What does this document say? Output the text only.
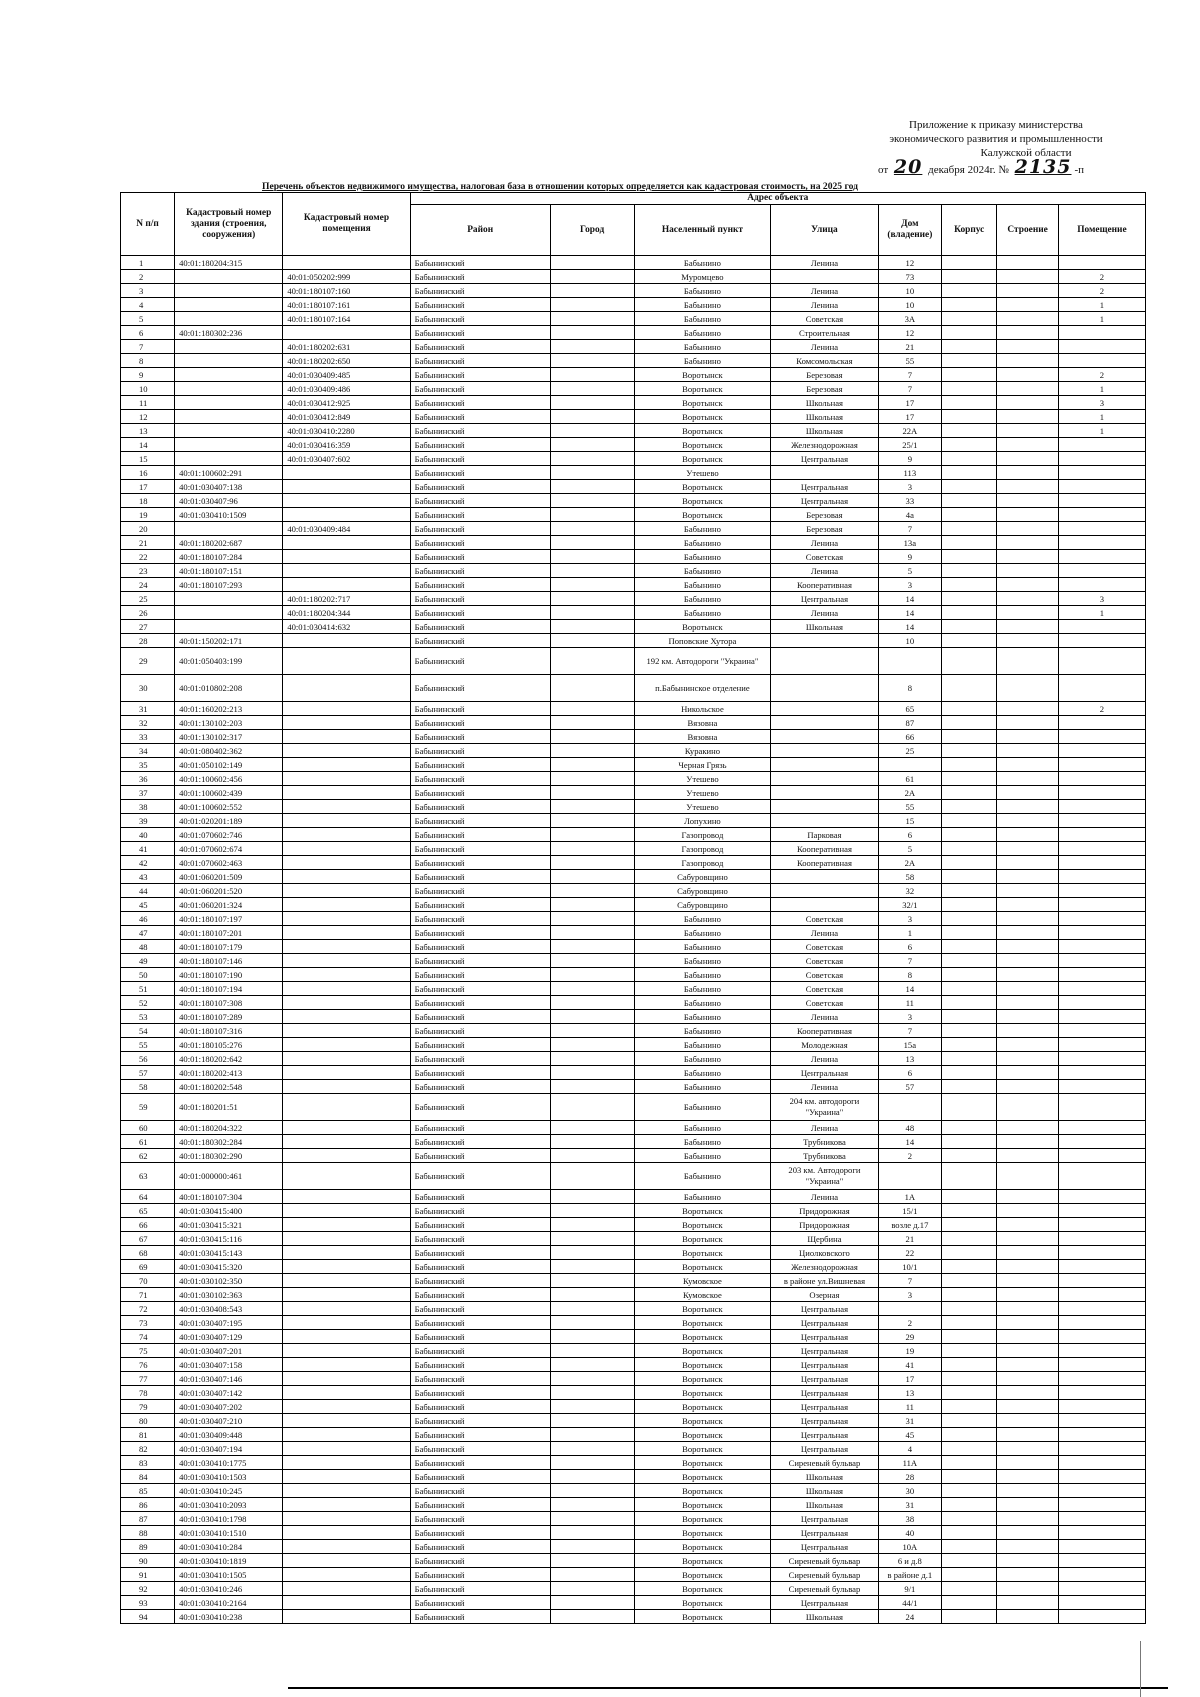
Приложение к приказу министерства
экономического развития и промышленности
Калужской области
от 20 декабря 2024г. № 2135 -п
Перечень объектов недвижимого имущества, налоговая база в отношении которых определяется как кадастровая стоимость, на 2025 год
N п/п	Кадастровый номер здания (строения, сооружения)	Кадастровый номер помещения	Адрес объекта							
			Район	Город	Населенный пункт	Улица	Дом (владение)	Корпус	Строение	Помещение
1	40:01:180204:315		Бабынинский		Бабынино	Ленина	12			
2		40:01:050202:999	Бабынинский		Муромцево		73			2
3		40:01:180107:160	Бабынинский		Бабынино	Ленина	10			2
4		40:01:180107:161	Бабынинский		Бабынино	Ленина	10			1
5		40:01:180107:164	Бабынинский		Бабынино	Советская	3А			1
6	40:01:180302:236		Бабынинский		Бабынино	Строительная	12			
7		40:01:180202:631	Бабынинский		Бабынино	Ленина	21			
8		40:01:180202:650	Бабынинский		Бабынино	Комсомольская	55			
9		40:01:030409:485	Бабынинский		Воротынск	Березовая	7			2
10		40:01:030409:486	Бабынинский		Воротынск	Березовая	7			1
11		40:01:030412:925	Бабынинский		Воротынск	Школьная	17			3
12		40:01:030412:849	Бабынинский		Воротынск	Школьная	17			1
13		40:01:030410:2280	Бабынинский		Воротынск	Школьная	22А			1
14		40:01:030416:359	Бабынинский		Воротынск	Железнодорожная	25/1			
15		40:01:030407:602	Бабынинский		Воротынск	Центральная	9			
16	40:01:100602:291		Бабынинский		Утешево		113			
17	40:01:030407:138		Бабынинский		Воротынск	Центральная	3			
18	40:01:030407:96		Бабынинский		Воротынск	Центральная	33			
19	40:01:030410:1509		Бабынинский		Воротынск	Березовая	4а			
20		40:01:030409:484	Бабынинский		Бабынино	Березовая	7			
21	40:01:180202:687		Бабынинский		Бабынино	Ленина	13а			
22	40:01:180107:284		Бабынинский		Бабынино	Советская	9			
23	40:01:180107:151		Бабынинский		Бабынино	Ленина	5			
24	40:01:180107:293		Бабынинский		Бабынино	Кооперативная	3			
25		40:01:180202:717	Бабынинский		Бабынино	Центральная	14			3
26		40:01:180204:344	Бабынинский		Бабынино	Ленина	14			1
27		40:01:030414:632	Бабынинский		Воротынск	Школьная	14			
28	40:01:150202:171		Бабынинский		Поповские Хутора		10			
29	40:01:050403:199		Бабынинский		192 км. Автодороги "Украина"					
30	40:01:010802:208		Бабынинский		п.Бабынинское отделение		8			
31	40:01:160202:213		Бабынинский		Никольское		65			2
32	40:01:130102:203		Бабынинский		Вязовна		87			
33	40:01:130102:317		Бабынинский		Вязовна		66			
34	40:01:080402:362		Бабынинский		Куракино		25			
35	40:01:050102:149		Бабынинский		Черная Грязь					
36	40:01:100602:456		Бабынинский		Утешево		61			
37	40:01:100602:439		Бабынинский		Утешево		2А			
38	40:01:100602:552		Бабынинский		Утешево		55			
39	40:01:020201:189		Бабынинский		Лопухино		15			
40	40:01:070602:746		Бабынинский		Газопровод	Парковая	6			
41	40:01:070602:674		Бабынинский		Газопровод	Кооперативная	5			
42	40:01:070602:463		Бабынинский		Газопровод	Кооперативная	2А			
43	40:01:060201:509		Бабынинский		Сабуровщино		58			
44	40:01:060201:520		Бабынинский		Сабуровщино		32			
45	40:01:060201:324		Бабынинский		Сабуровщино		32/1			
46	40:01:180107:197		Бабынинский		Бабынино	Советская	3			
47	40:01:180107:201		Бабынинский		Бабынино	Ленина	1			
48	40:01:180107:179		Бабынинский		Бабынино	Советская	6			
49	40:01:180107:146		Бабынинский		Бабынино	Советская	7			
50	40:01:180107:190		Бабынинский		Бабынино	Советская	8			
51	40:01:180107:194		Бабынинский		Бабынино	Советская	14			
52	40:01:180107:308		Бабынинский		Бабынино	Советская	11			
53	40:01:180107:289		Бабынинский		Бабынино	Ленина	3			
54	40:01:180107:316		Бабынинский		Бабынино	Кооперативная	7			
55	40:01:180105:276		Бабынинский		Бабынино	Молодежная	15а			
56	40:01:180202:642		Бабынинский		Бабынино	Ленина	13			
57	40:01:180202:413		Бабынинский		Бабынино	Центральная	6			
58	40:01:180202:548		Бабынинский		Бабынино	Ленина	57			
59	40:01:180201:51		Бабынинский		Бабынино	204 км. автодороги "Украина"				
60	40:01:180204:322		Бабынинский		Бабынино	Ленина	48			
61	40:01:180302:284		Бабынинский		Бабынино	Трубникова	14			
62	40:01:180302:290		Бабынинский		Бабынино	Трубникова	2			
63	40:01:000000:461		Бабынинский		Бабынино	203 км. Автодороги "Украина"				
64	40:01:180107:304		Бабынинский		Бабынино	Ленина	1А			
65	40:01:030415:400		Бабынинский		Воротынск	Придорожная	15/1			
66	40:01:030415:321		Бабынинский		Воротынск	Придорожная	возле д.17			
67	40:01:030415:116		Бабынинский		Воротынск	Щербина	21			
68	40:01:030415:143		Бабынинский		Воротынск	Циолковского	22			
69	40:01:030415:320		Бабынинский		Воротынск	Железнодорожная	10/1			
70	40:01:030102:350		Бабынинский		Кумовское	в районе ул.Вишневая	7			
71	40:01:030102:363		Бабынинский		Кумовское	Озерная	3			
72	40:01:030408:543		Бабынинский		Воротынск	Центральная				
73	40:01:030407:195		Бабынинский		Воротынск	Центральная	2			
74	40:01:030407:129		Бабынинский		Воротынск	Центральная	29			
75	40:01:030407:201		Бабынинский		Воротынск	Центральная	19			
76	40:01:030407:158		Бабынинский		Воротынск	Центральная	41			
77	40:01:030407:146		Бабынинский		Воротынск	Центральная	17			
78	40:01:030407:142		Бабынинский		Воротынск	Центральная	13			
79	40:01:030407:202		Бабынинский		Воротынск	Центральная	11			
80	40:01:030407:210		Бабынинский		Воротынск	Центральная	31			
81	40:01:030409:448		Бабынинский		Воротынск	Центральная	45			
82	40:01:030407:194		Бабынинский		Воротынск	Центральная	4			
83	40:01:030410:1775		Бабынинский		Воротынск	Сиреневый бульвар	11А			
84	40:01:030410:1503		Бабынинский		Воротынск	Школьная	28			
85	40:01:030410:245		Бабынинский		Воротынск	Школьная	30			
86	40:01:030410:2093		Бабынинский		Воротынск	Школьная	31			
87	40:01:030410:1798		Бабынинский		Воротынск	Центральная	38			
88	40:01:030410:1510		Бабынинский		Воротынск	Центральная	40			
89	40:01:030410:284		Бабынинский		Воротынск	Центральная	10А			
90	40:01:030410:1819		Бабынинский		Воротынск	Сиреневый бульвар	6 и д.8			
91	40:01:030410:1505		Бабынинский		Воротынск	Сиреневый бульвар	в районе д.1			
92	40:01:030410:246		Бабынинский		Воротынск	Сиреневый бульвар	9/1			
93	40:01:030410:2164		Бабынинский		Воротынск	Центральная	44/1			
94	40:01:030410:238		Бабынинский		Воротынск	Школьная	24			
